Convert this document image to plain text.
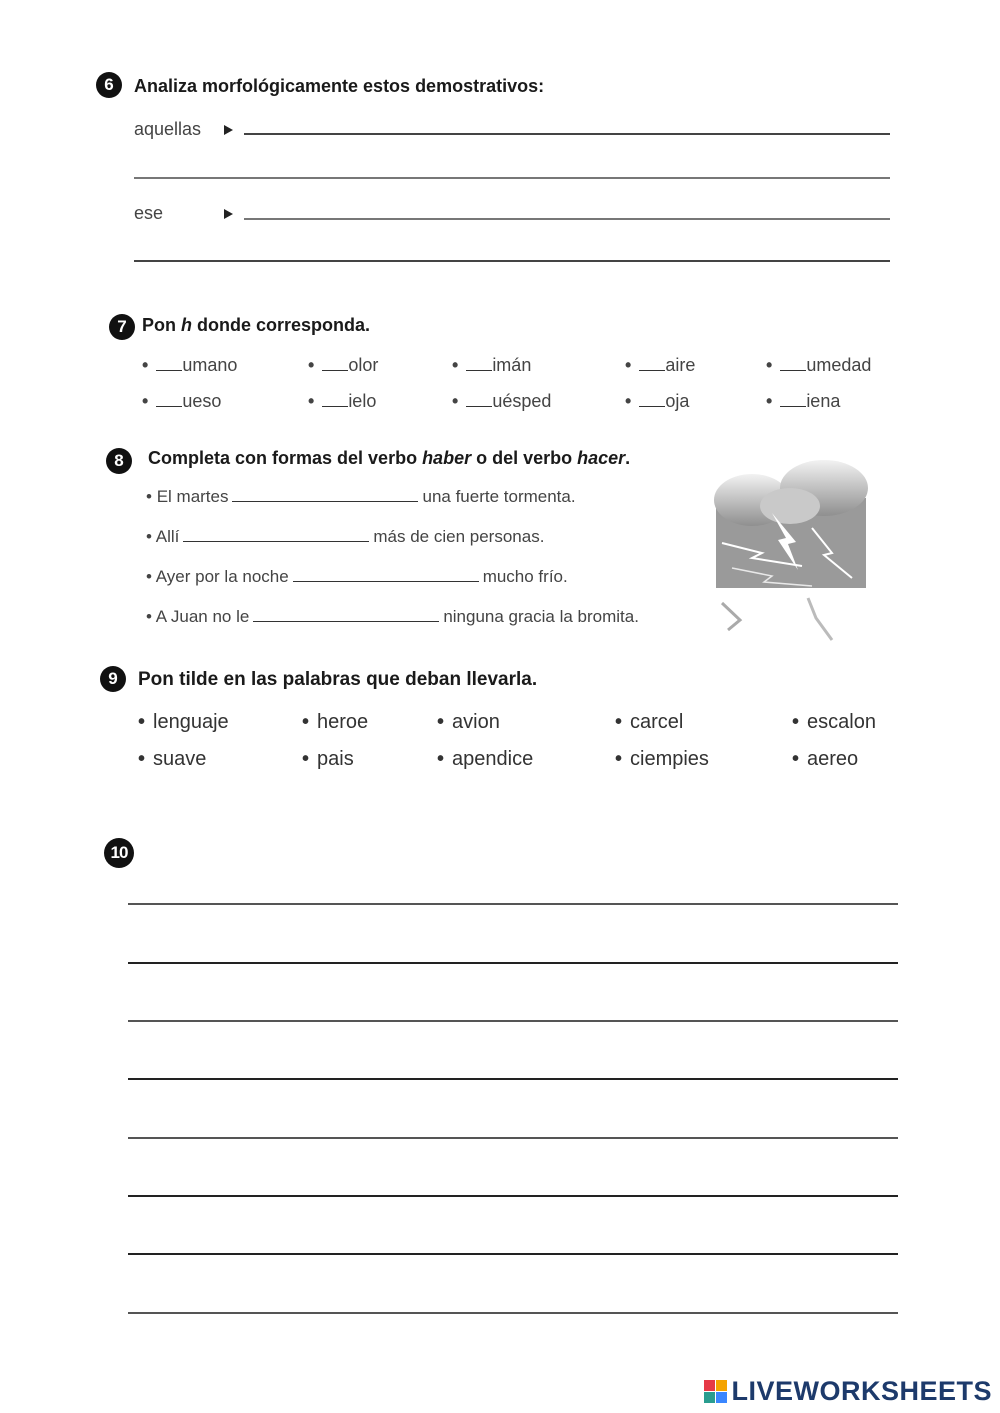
6	Analiza morfológicamente estos demostrativos:
aquellas
ese
7 Pon h donde corresponda.
• umano	• olor	• imán	• aire	• umedad
• ueso	• ielo	• uésped	• oja	• iena
8	Completa con formas del verbo haber o del verbo hacer.
• El martes	una fuerte tormenta.
• Allí	más de cien personas.
• Ayer por la noche	mucho frío.
• A Juan no le	ninguna gracia la bromita.
9	Pon tilde en las palabras que deban llevarla.
• lenguaje	• heroe	• avion	• carcel	• escalon
• suave	• pais	• apendice	• ciempies	• aereo
10
LIVEWORKSHEETS
